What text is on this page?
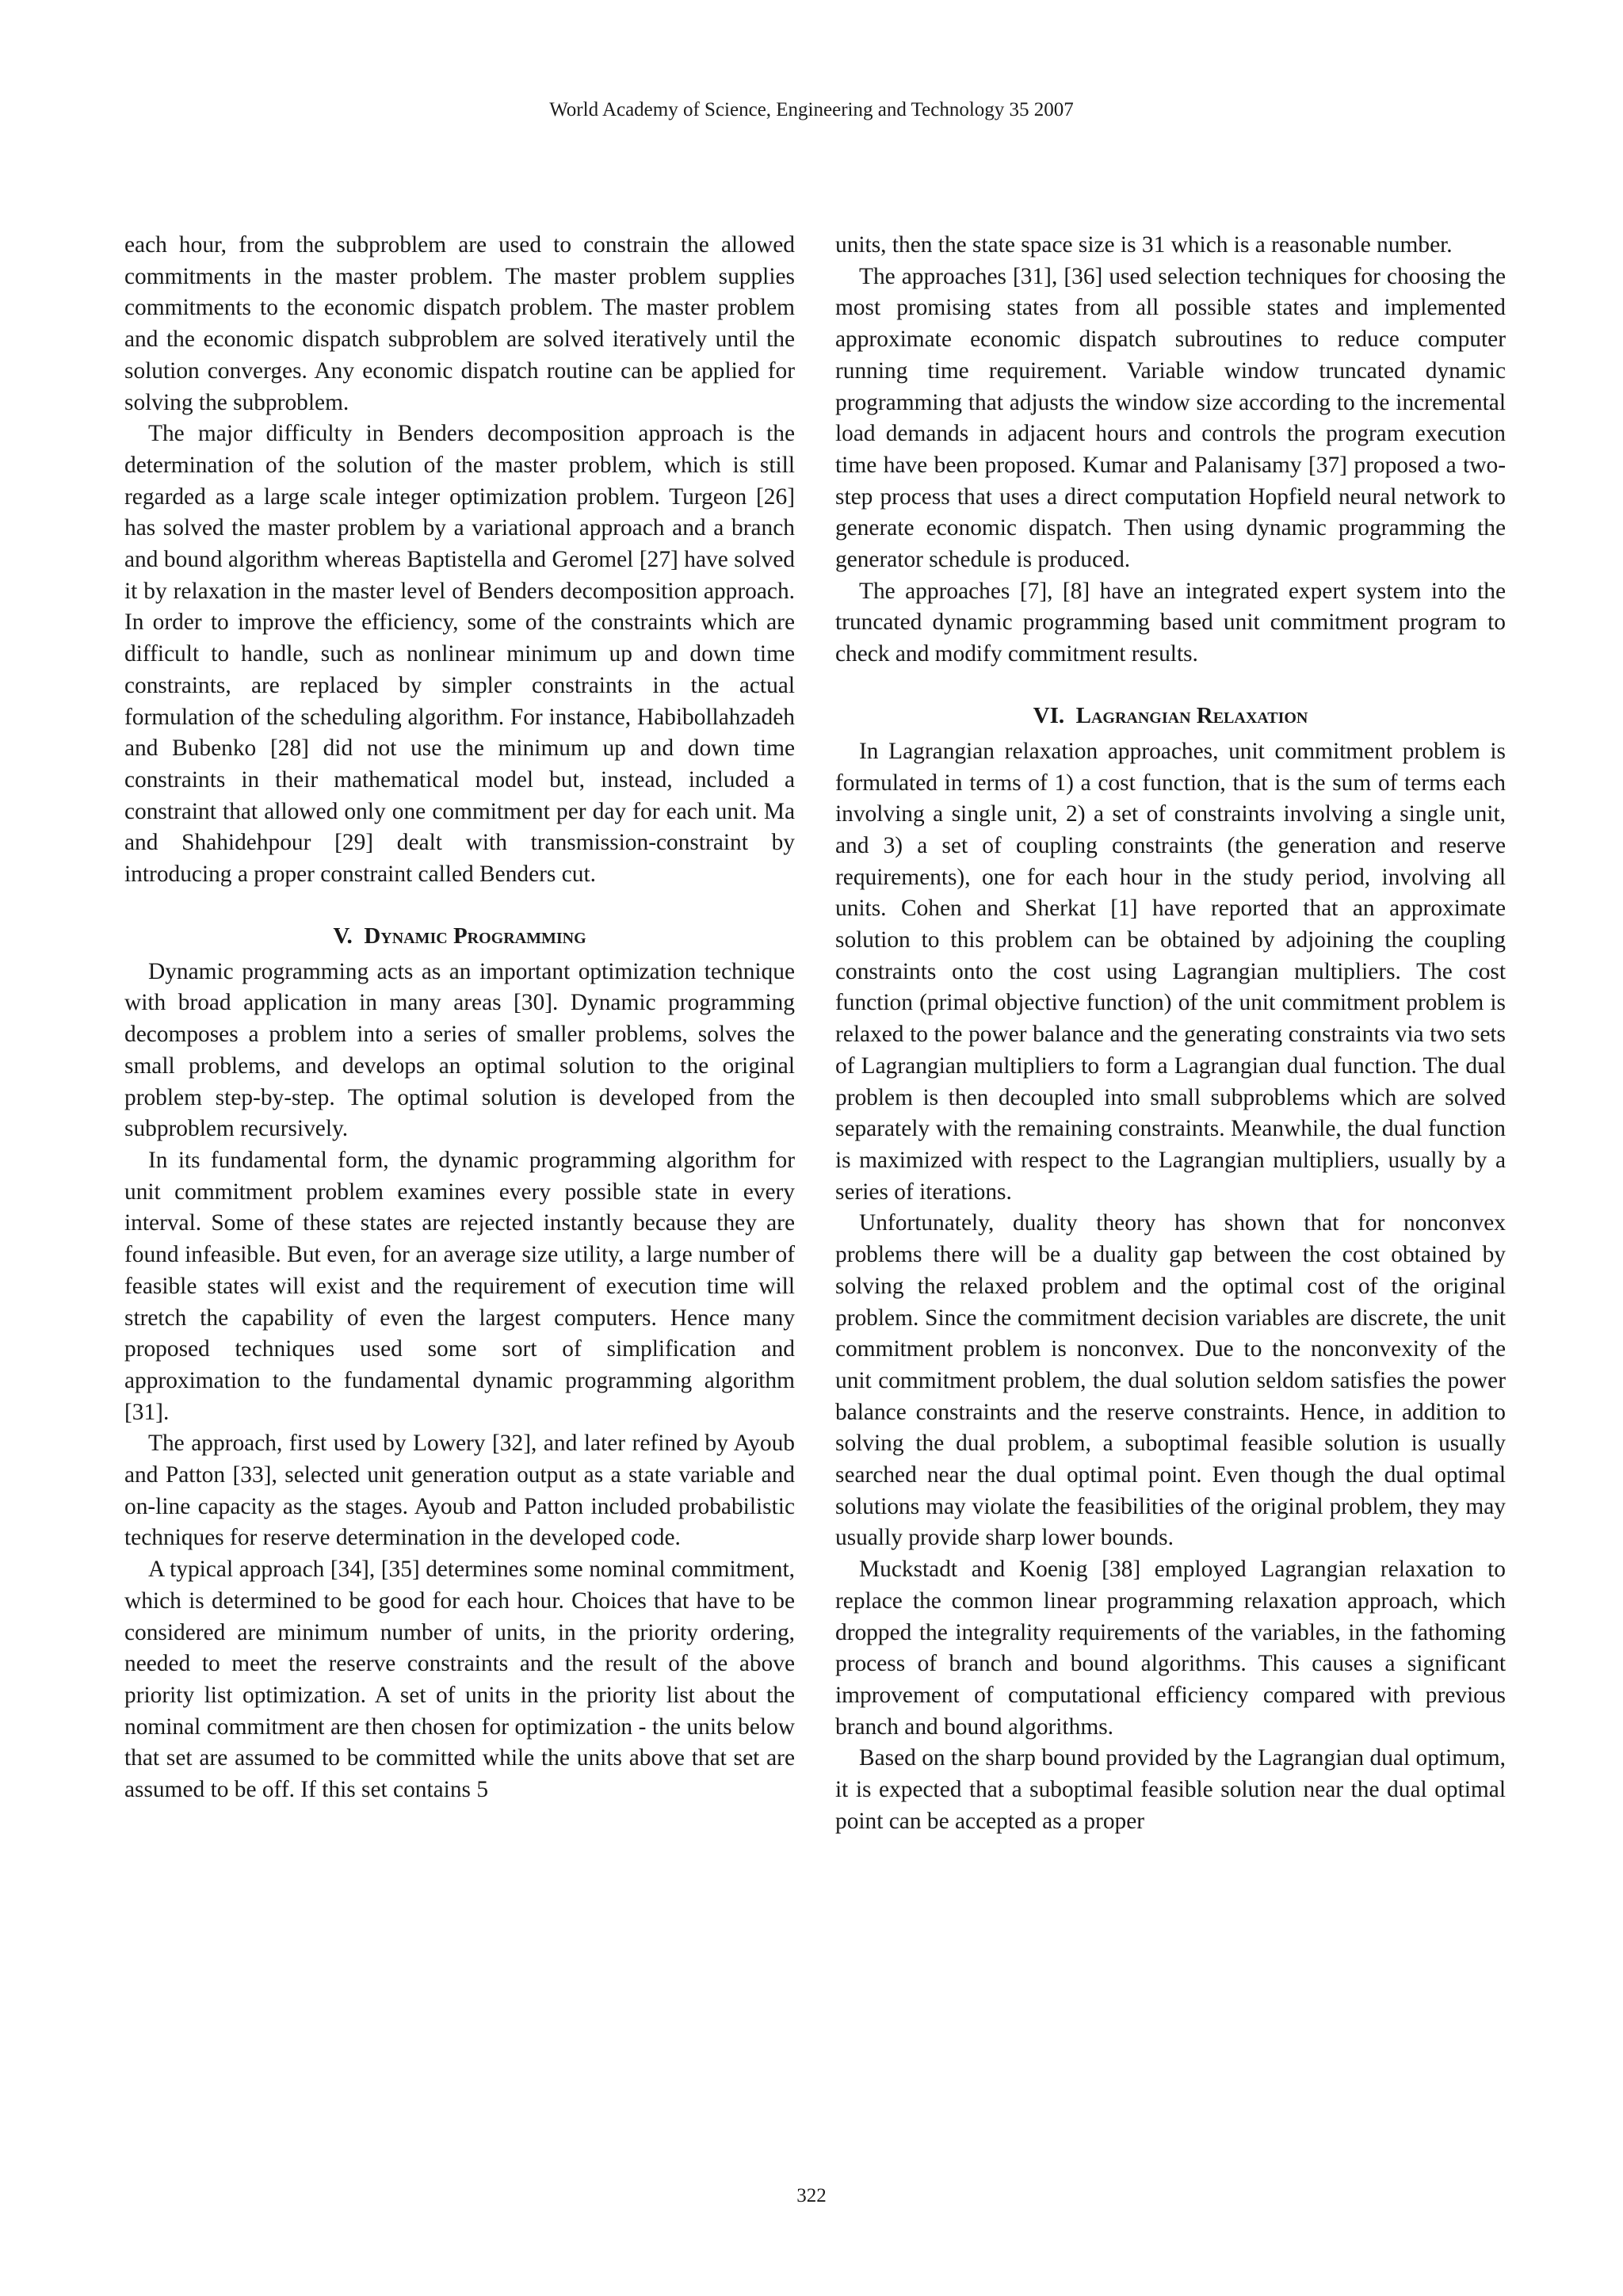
World Academy of Science, Engineering and Technology 35 2007

each hour, from the subproblem are used to constrain the allowed commitments in the master problem. The master problem supplies commitments to the economic dispatch problem. The master problem and the economic dispatch subproblem are solved iteratively until the solution converges. Any economic dispatch routine can be applied for solving the subproblem.

The major difficulty in Benders decomposition approach is the determination of the solution of the master problem, which is still regarded as a large scale integer optimization problem. Turgeon [26] has solved the master problem by a variational approach and a branch and bound algorithm whereas Baptistella and Geromel [27] have solved it by relaxation in the master level of Benders decomposition approach. In order to improve the efficiency, some of the constraints which are difficult to handle, such as nonlinear minimum up and down time constraints, are replaced by simpler constraints in the actual formulation of the scheduling algorithm. For instance, Habibollahzadeh and Bubenko [28] did not use the minimum up and down time constraints in their mathematical model but, instead, included a constraint that allowed only one commitment per day for each unit. Ma and Shahidehpour [29] dealt with transmission-constraint by introducing a proper constraint called Benders cut.

V. Dynamic Programming

Dynamic programming acts as an important optimization technique with broad application in many areas [30]. Dynamic programming decomposes a problem into a series of smaller problems, solves the small problems, and develops an optimal solution to the original problem step-by-step. The optimal solution is developed from the subproblem recursively.

In its fundamental form, the dynamic programming algorithm for unit commitment problem examines every possible state in every interval. Some of these states are rejected instantly because they are found infeasible. But even, for an average size utility, a large number of feasible states will exist and the requirement of execution time will stretch the capability of even the largest computers. Hence many proposed techniques used some sort of simplification and approximation to the fundamental dynamic programming algorithm [31].

The approach, first used by Lowery [32], and later refined by Ayoub and Patton [33], selected unit generation output as a state variable and on-line capacity as the stages. Ayoub and Patton included probabilistic techniques for reserve determination in the developed code.

A typical approach [34], [35] determines some nominal commitment, which is determined to be good for each hour. Choices that have to be considered are minimum number of units, in the priority ordering, needed to meet the reserve constraints and the result of the above priority list optimization. A set of units in the priority list about the nominal commitment are then chosen for optimization - the units below that set are assumed to be committed while the units above that set are assumed to be off. If this set contains 5

units, then the state space size is 31 which is a reasonable number.

The approaches [31], [36] used selection techniques for choosing the most promising states from all possible states and implemented approximate economic dispatch subroutines to reduce computer running time requirement. Variable window truncated dynamic programming that adjusts the window size according to the incremental load demands in adjacent hours and controls the program execution time have been proposed. Kumar and Palanisamy [37] proposed a two-step process that uses a direct computation Hopfield neural network to generate economic dispatch. Then using dynamic programming the generator schedule is produced.

The approaches [7], [8] have an integrated expert system into the truncated dynamic programming based unit commitment program to check and modify commitment results.

VI. Lagrangian Relaxation

In Lagrangian relaxation approaches, unit commitment problem is formulated in terms of 1) a cost function, that is the sum of terms each involving a single unit, 2) a set of constraints involving a single unit, and 3) a set of coupling constraints (the generation and reserve requirements), one for each hour in the study period, involving all units. Cohen and Sherkat [1] have reported that an approximate solution to this problem can be obtained by adjoining the coupling constraints onto the cost using Lagrangian multipliers. The cost function (primal objective function) of the unit commitment problem is relaxed to the power balance and the generating constraints via two sets of Lagrangian multipliers to form a Lagrangian dual function. The dual problem is then decoupled into small subproblems which are solved separately with the remaining constraints. Meanwhile, the dual function is maximized with respect to the Lagrangian multipliers, usually by a series of iterations.

Unfortunately, duality theory has shown that for nonconvex problems there will be a duality gap between the cost obtained by solving the relaxed problem and the optimal cost of the original problem. Since the commitment decision variables are discrete, the unit commitment problem is nonconvex. Due to the nonconvexity of the unit commitment problem, the dual solution seldom satisfies the power balance constraints and the reserve constraints. Hence, in addition to solving the dual problem, a suboptimal feasible solution is usually searched near the dual optimal point. Even though the dual optimal solutions may violate the feasibilities of the original problem, they may usually provide sharp lower bounds.

Muckstadt and Koenig [38] employed Lagrangian relaxation to replace the common linear programming relaxation approach, which dropped the integrality requirements of the variables, in the fathoming process of branch and bound algorithms. This causes a significant improvement of computational efficiency compared with previous branch and bound algorithms.

Based on the sharp bound provided by the Lagrangian dual optimum, it is expected that a suboptimal feasible solution near the dual optimal point can be accepted as a proper

322
